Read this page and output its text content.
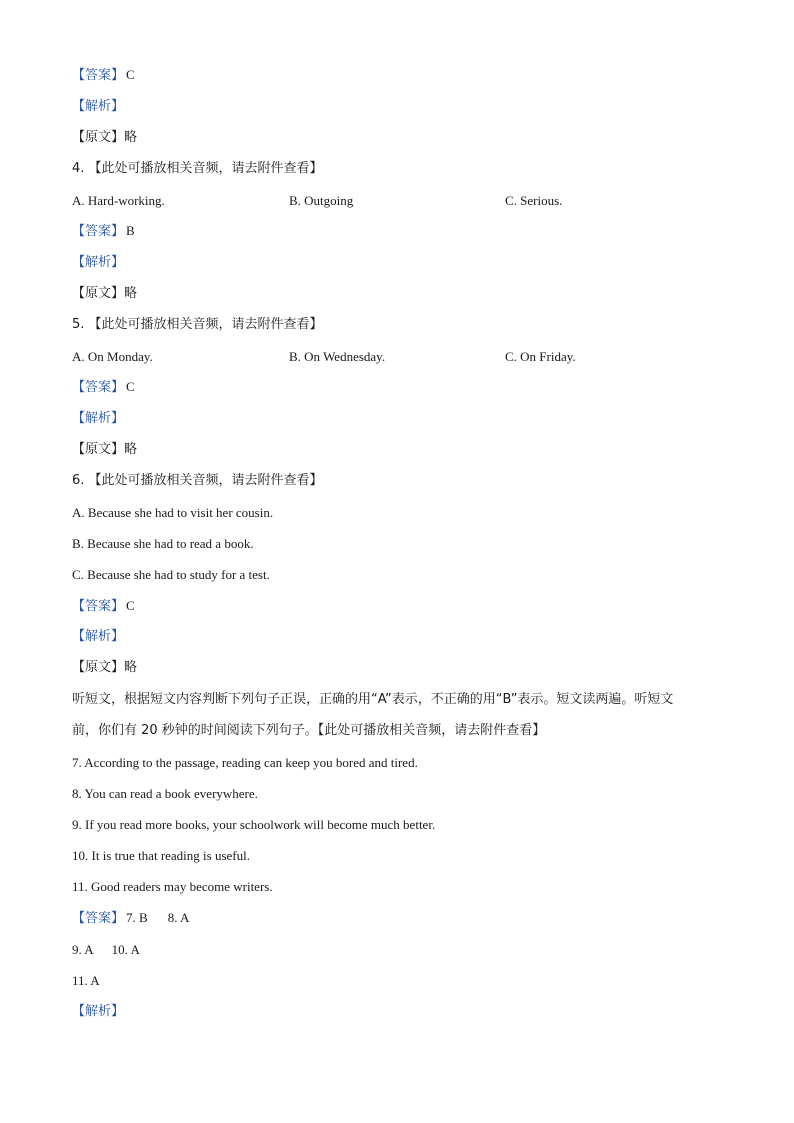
【答案】 C
【解析】
【原文】略
4. 【此处可播放相关音频，请去附件查看】
A. Hard-working.	B. Outgoing	C. Serious.
【答案】 B
【解析】
【原文】略
5. 【此处可播放相关音频，请去附件查看】
A. On Monday.	B. On Wednesday.	C. On Friday.
【答案】 C
【解析】
【原文】略
6. 【此处可播放相关音频，请去附件查看】
A. Because she had to visit her cousin.
B. Because she had to read a book.
C. Because she had to study for a test.
【答案】 C
【解析】
【原文】略
听短文，根据短文内容判断下列句子正误，正确的用“A”表示，不正确的用“B”表示。短文读两遍。听短文
前，你们有 20 秒钟的时间阅读下列句子。【此处可播放相关音频，请去附件查看】
7. According to the passage, reading can keep you bored and tired.
8. You can read a book everywhere.
9. If you read more books, your schoolwork will become much better.
10. It is true that reading is useful.
11. Good readers may become writers.
【答案】 7. B 8. A
9. A 10. A
11. A
【解析】
